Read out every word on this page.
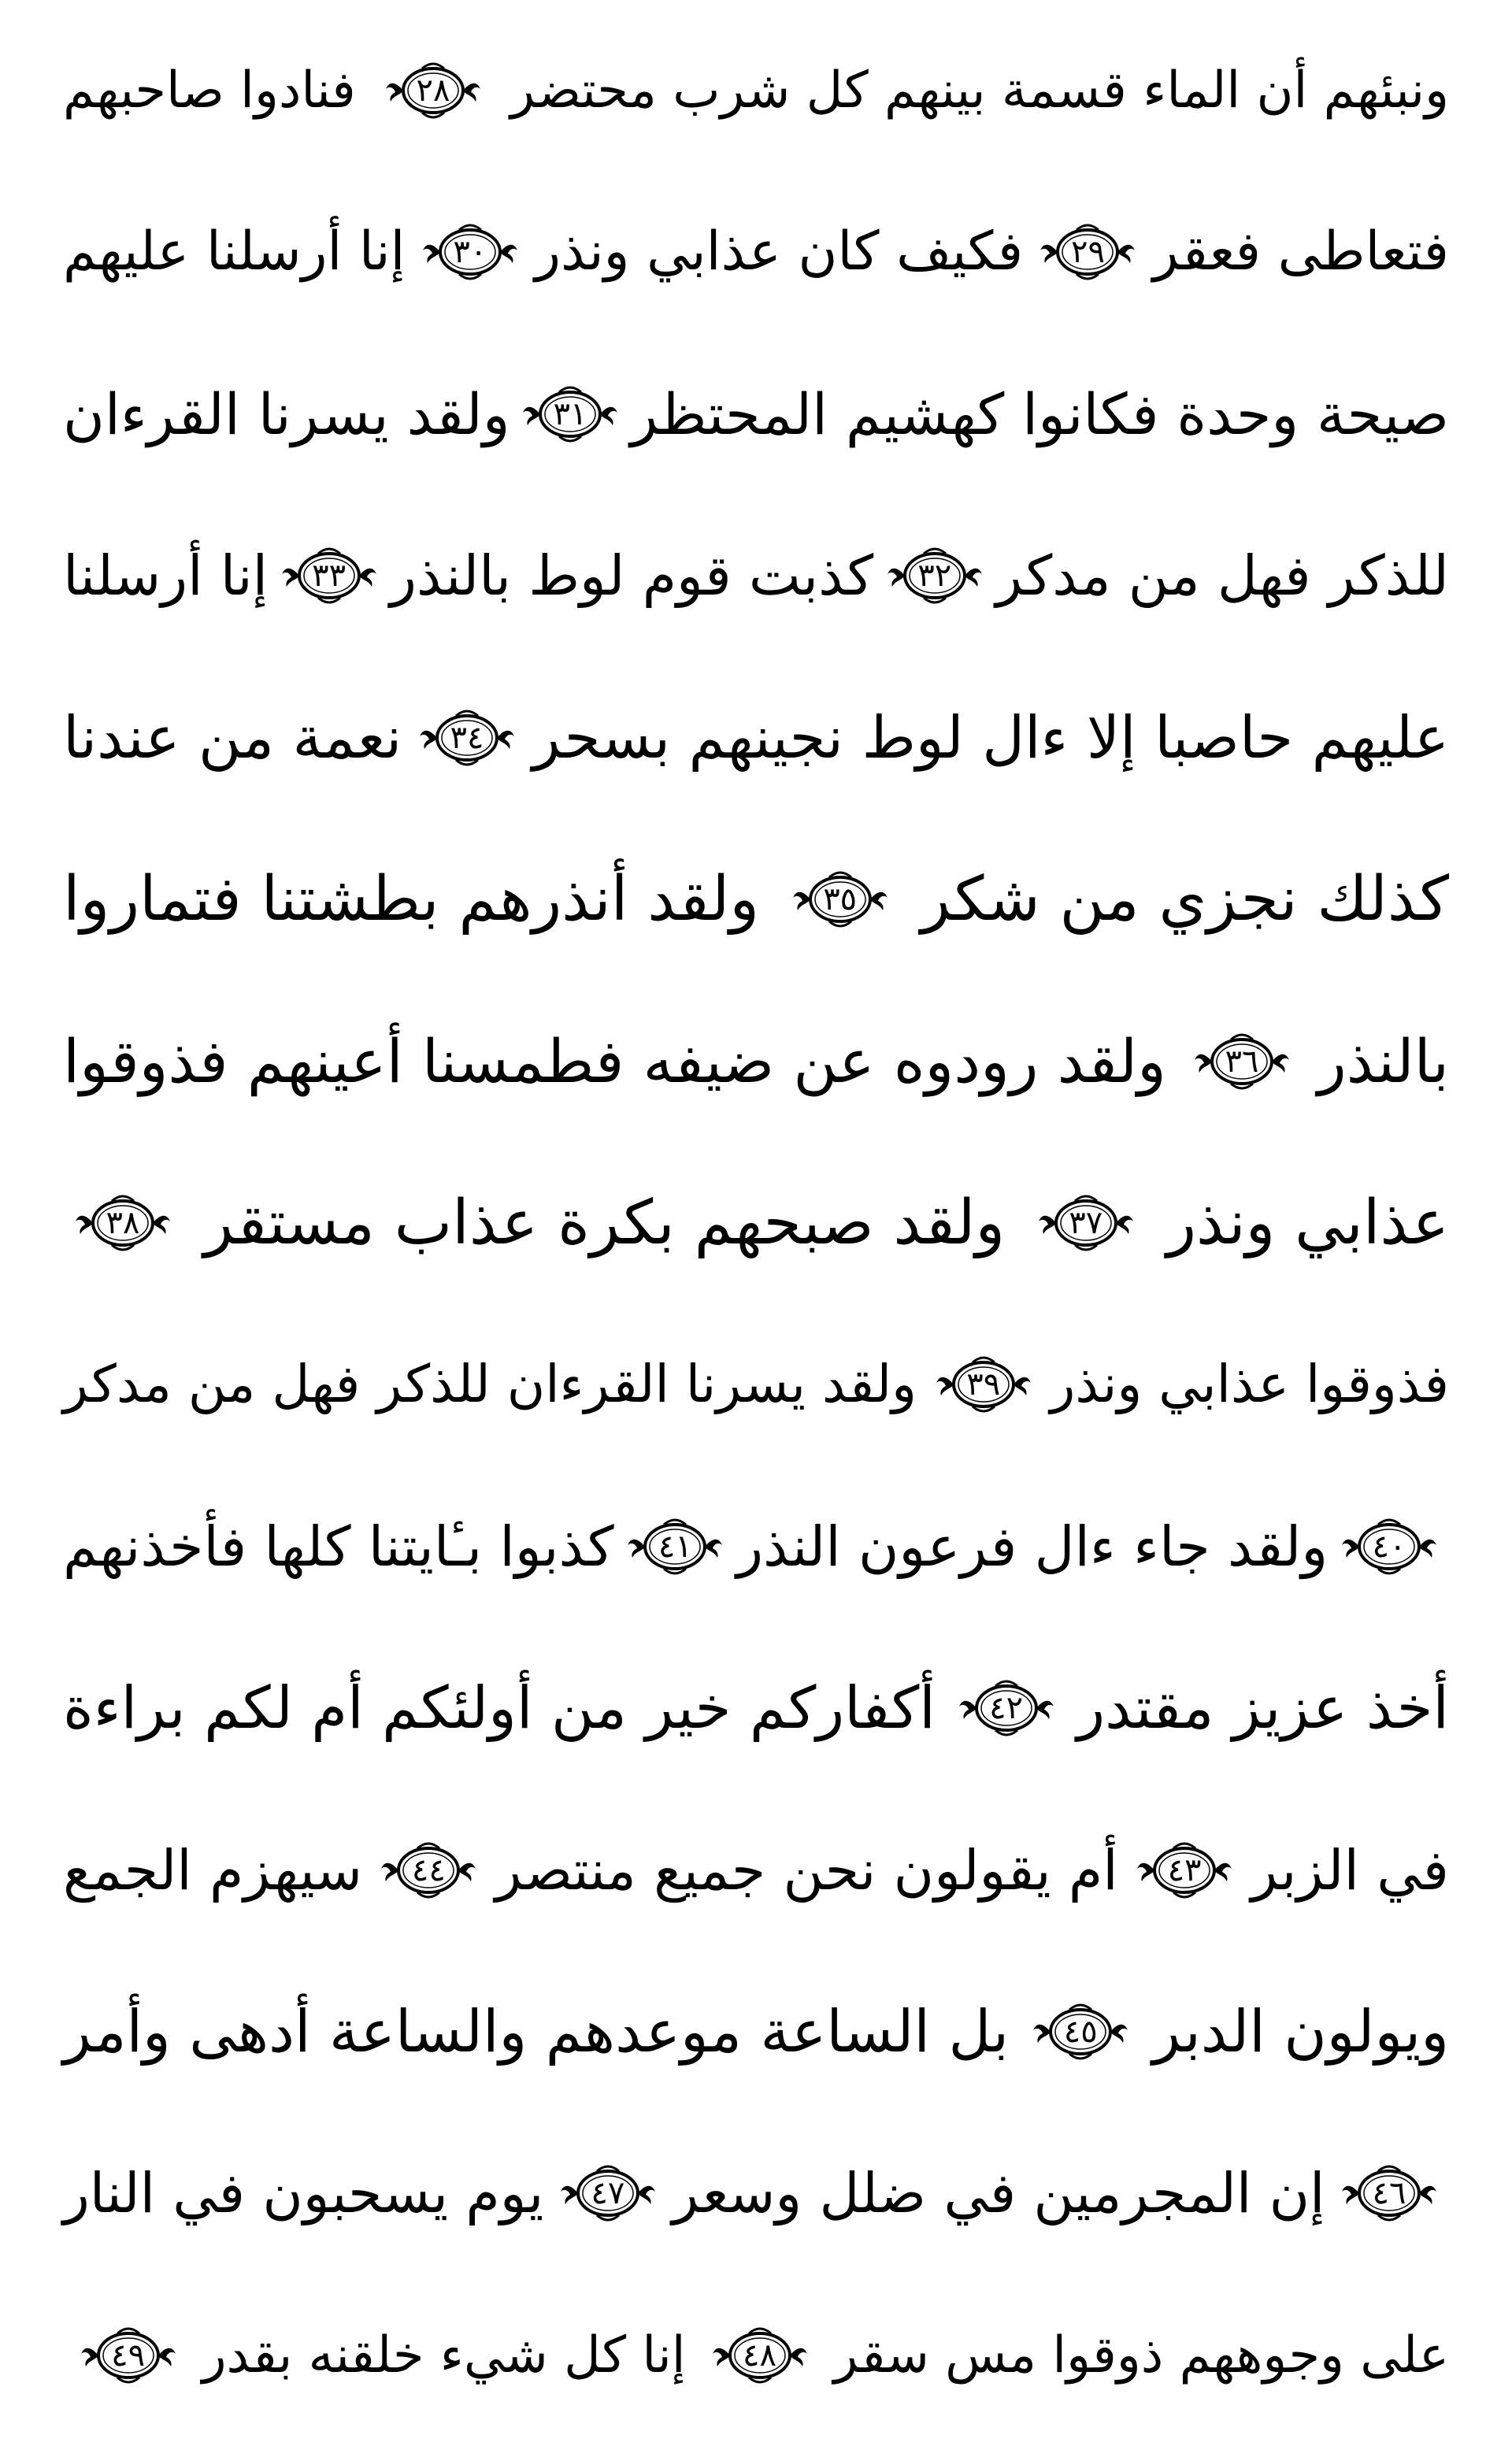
ونبئهم أن الماء قسمة بينهم كل شرب محتضر
٢٨
فنادوا صاحبهم
فتعاطى فعقر
٢٩
فكيف كان عذابي ونذر
٣٠
إنا أرسلنا عليهم
صيحة وحدة فكانوا كهشيم المحتظر
٣١
ولقد يسرنا القرءان
للذكر فهل من مدكر
٣٢
كذبت قوم لوط بالنذر
٣٣
إنا أرسلنا
عليهم حاصبا إلا ءال لوط نجينهم بسحر
٣٤
نعمة من عندنا
كذلك نجزي من شكر
٣٥
ولقد أنذرهم بطشتنا فتماروا
بالنذر
٣٦
ولقد رودوه عن ضيفه فطمسنا أعينهم فذوقوا
عذابي ونذر
٣٧
ولقد صبحهم بكرة عذاب مستقر
٣٨
فذوقوا عذابي ونذر
٣٩
ولقد يسرنا القرءان للذكر فهل من مدكر
٤٠
ولقد جاء ءال فرعون النذر
٤١
كذبوا بـٔايتنا كلها فأخذنهم
أخذ عزيز مقتدر
٤٢
أكفاركم خير من أولئكم أم لكم براءة
في الزبر
٤٣
أم يقولون نحن جميع منتصر
٤٤
سيهزم الجمع
ويولون الدبر
٤٥
بل الساعة موعدهم والساعة أدهى وأمر
٤٦
إن المجرمين في ضلل وسعر
٤٧
يوم يسحبون في النار
على وجوههم ذوقوا مس سقر
٤٨
إنا كل شيء خلقنه بقدر
٤٩
